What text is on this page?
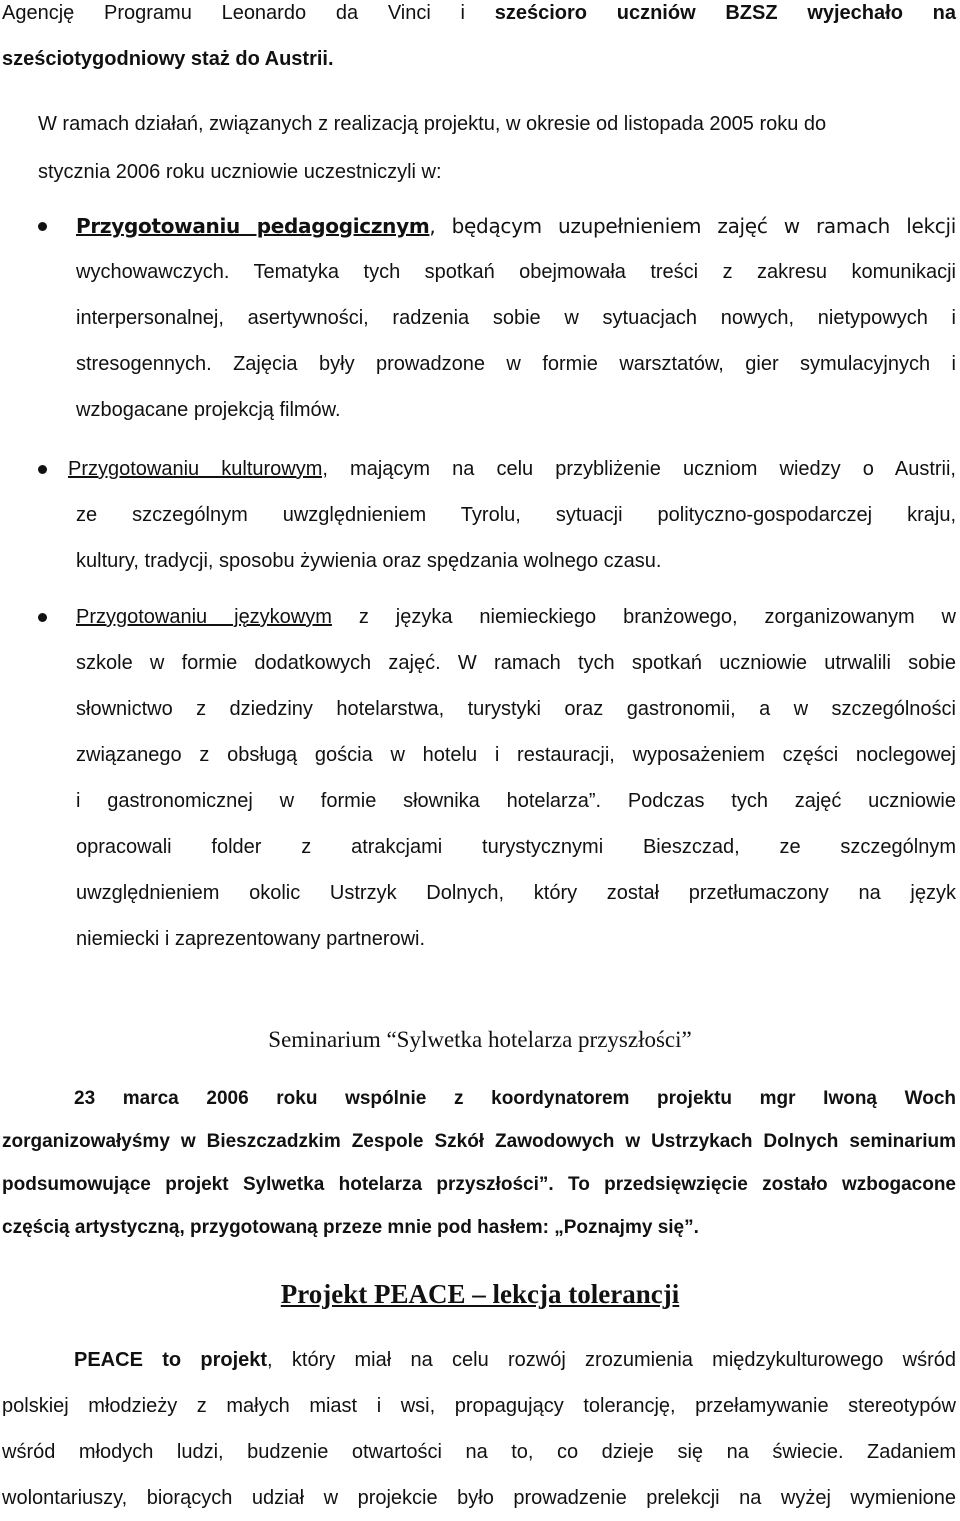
Agencję Programu Leonardo da Vinci i sześcioro uczniów BZSZ wyjechało na

sześciotygodniowy staż do Austrii.

W ramach działań, związanych z realizacją projektu, w okresie od listopada 2005 roku do

stycznia 2006 roku uczniowie uczestniczyli w:

Przygotowaniu pedagogicznym, będącym uzupełnieniem zajęć w ramach lekcji

wychowawczych. Tematyka tych spotkań obejmowała treści z zakresu komunikacji

interpersonalnej, asertywności, radzenia sobie w sytuacjach nowych, nietypowych i

stresogennych. Zajęcia były prowadzone w formie warsztatów, gier symulacyjnych i

wzbogacane projekcją filmów.

Przygotowaniu kulturowym, mającym na celu przybliżenie uczniom wiedzy o Austrii,

ze szczególnym uwzględnieniem Tyrolu, sytuacji polityczno-gospodarczej kraju,

kultury, tradycji, sposobu żywienia oraz spędzania wolnego czasu.

Przygotowaniu językowym z języka niemieckiego branżowego, zorganizowanym w

szkole w formie dodatkowych zajęć. W ramach tych spotkań uczniowie utrwalili sobie

słownictwo z dziedziny hotelarstwa, turystyki oraz gastronomii, a w szczególności

związanego z obsługą gościa w hotelu i restauracji, wyposażeniem części noclegowej

i gastronomicznej w formie słownika hotelarza”. Podczas tych zajęć uczniowie

opracowali folder z atrakcjami turystycznymi Bieszczad, ze szczególnym

uwzględnieniem okolic Ustrzyk Dolnych, który został przetłumaczony na język

niemiecki i zaprezentowany partnerowi.

Seminarium “Sylwetka hotelarza przyszłości”

23 marca 2006 roku wspólnie z koordynatorem projektu mgr Iwoną Woch

zorganizowałyśmy w Bieszczadzkim Zespole Szkół Zawodowych w Ustrzykach Dolnych seminarium

podsumowujące projekt Sylwetka hotelarza przyszłości”. To przedsięwzięcie zostało wzbogacone

częścią artystyczną, przygotowaną przeze mnie pod hasłem: „Poznajmy się”.

Projekt PEACE – lekcja tolerancji

PEACE to projekt, który miał na celu rozwój zrozumienia międzykulturowego wśród

polskiej młodzieży z małych miast i wsi, propagujący tolerancję, przełamywanie stereotypów

wśród młodych ludzi, budzenie otwartości na to, co dzieje się na świecie. Zadaniem

wolontariuszy, biorących udział w projekcie było prowadzenie prelekcji na wyżej wymienione
